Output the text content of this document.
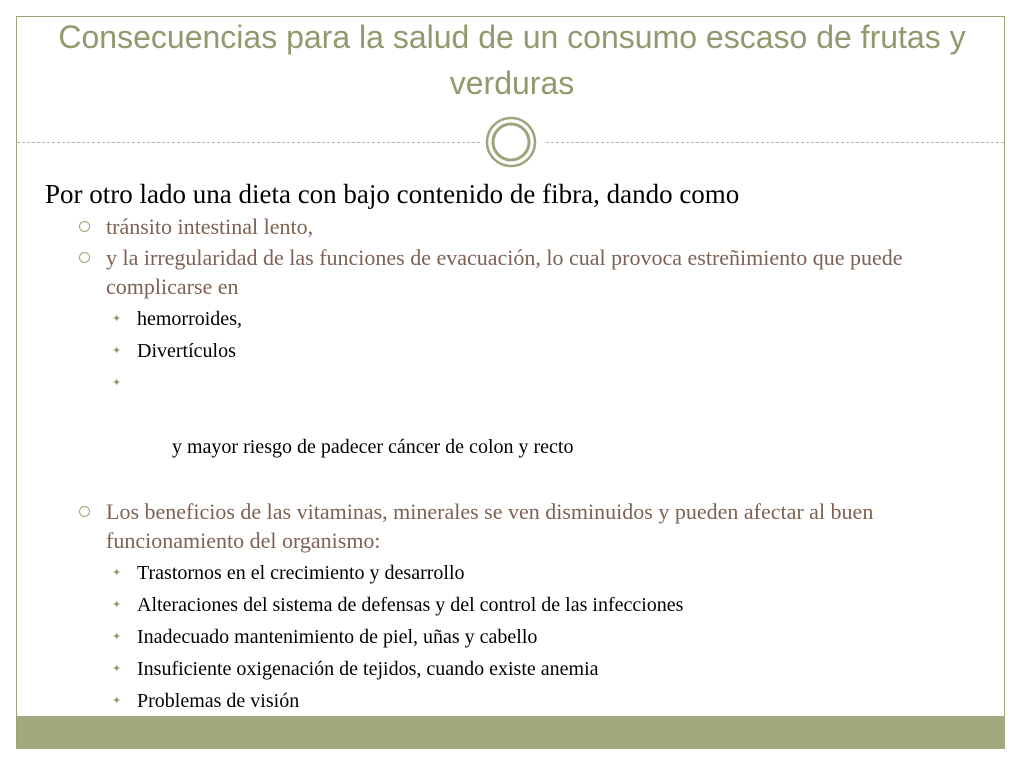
Consecuencias para la salud de un consumo escaso de frutas y verduras
Por otro lado una dieta con bajo contenido de fibra, dando como
tránsito intestinal lento,
y la irregularidad de las funciones de evacuación, lo cual provoca estreñimiento que puede complicarse en
✦ hemorroides,
✦ Divertículos

✦

y mayor riesgo de padecer cáncer de colon y recto

Los beneficios de las vitaminas, minerales se ven disminuidos y pueden afectar al buen funcionamiento del organismo:
✦ Trastornos en el crecimiento y desarrollo
✦ Alteraciones del sistema de defensas y del control de las infecciones
✦ Inadecuado mantenimiento de piel, uñas y cabello
✦ Insuficiente oxigenación de tejidos, cuando existe anemia
✦ Problemas de visión
